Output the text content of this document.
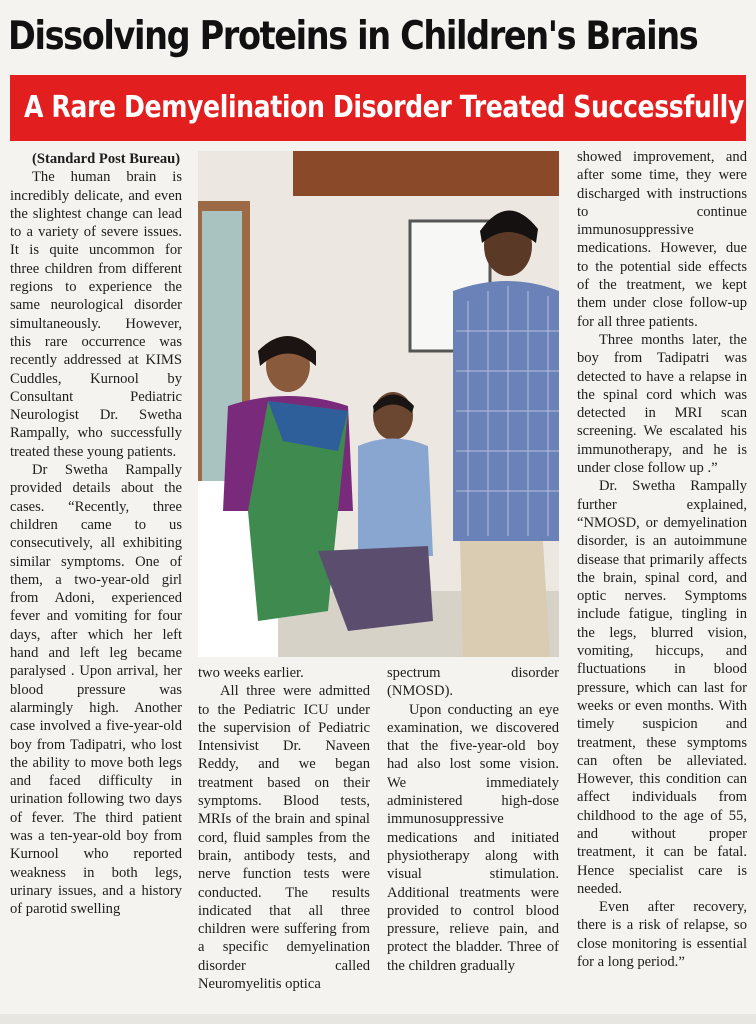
Dissolving Proteins in Children's Brains
A Rare Demyelination Disorder Treated Successfully

(Standard Post Bureau)

The human brain is incredibly delicate, and even the slightest change can lead to a variety of severe issues. It is quite uncommon for three children from different regions to experience the same neurological disorder simultaneously. However, this rare occurrence was recently addressed at KIMS Cuddles, Kurnool by Consultant Pediatric Neurologist Dr. Swetha Rampally, who successfully treated these young patients.

Dr Swetha Rampally provided details about the cases. “Recently, three children came to us consecutively, all exhibiting similar symptoms. One of them, a two-year-old girl from Adoni, experienced fever and vomiting for four days, after which her left hand and left leg became paralysed . Upon arrival, her blood pressure was alarmingly high. Another case involved a five-year-old boy from Tadipatri, who lost the ability to move both legs and faced difficulty in urination following two days of fever. The third patient was a ten-year-old boy from Kurnool who reported weakness in both legs, urinary issues, and a history of parotid swelling

two weeks earlier.

All three were admitted to the Pediatric ICU under the supervision of Pediatric Intensivist Dr. Naveen Reddy, and we began treatment based on their symptoms. Blood tests, MRIs of the brain and spinal cord, fluid samples from the brain, antibody tests, and nerve function tests were conducted. The results indicated that all three children were suffering from a specific demyelination disorder called Neuromyelitis optica

spectrum disorder (NMOSD).

Upon conducting an eye examination, we discovered that the five-year-old boy had also lost some vision. We immediately administered high-dose immunosuppressive medications and initiated physiotherapy along with visual stimulation. Additional treatments were provided to control blood pressure, relieve pain, and protect the bladder. Three of the children gradually

showed improvement, and after some time, they were discharged with instructions to continue immunosuppressive medications. However, due to the potential side effects of the treatment, we kept them under close follow-up for all three patients.

Three months later, the boy from Tadipatri was detected to have a relapse in the spinal cord which was detected in MRI scan screening. We escalated his immunotherapy, and he is under close follow up .”

Dr. Swetha Rampally further explained, “NMOSD, or demyelination disorder, is an autoimmune disease that primarily affects the brain, spinal cord, and optic nerves. Symptoms include fatigue, tingling in the legs, blurred vision, vomiting, hiccups, and fluctuations in blood pressure, which can last for weeks or even months. With timely suspicion and treatment, these symptoms can often be alleviated. However, this condition can affect individuals from childhood to the age of 55, and without proper treatment, it can be fatal. Hence specialist care is needed.

Even after recovery, there is a risk of relapse, so close monitoring is essential for a long period.”
